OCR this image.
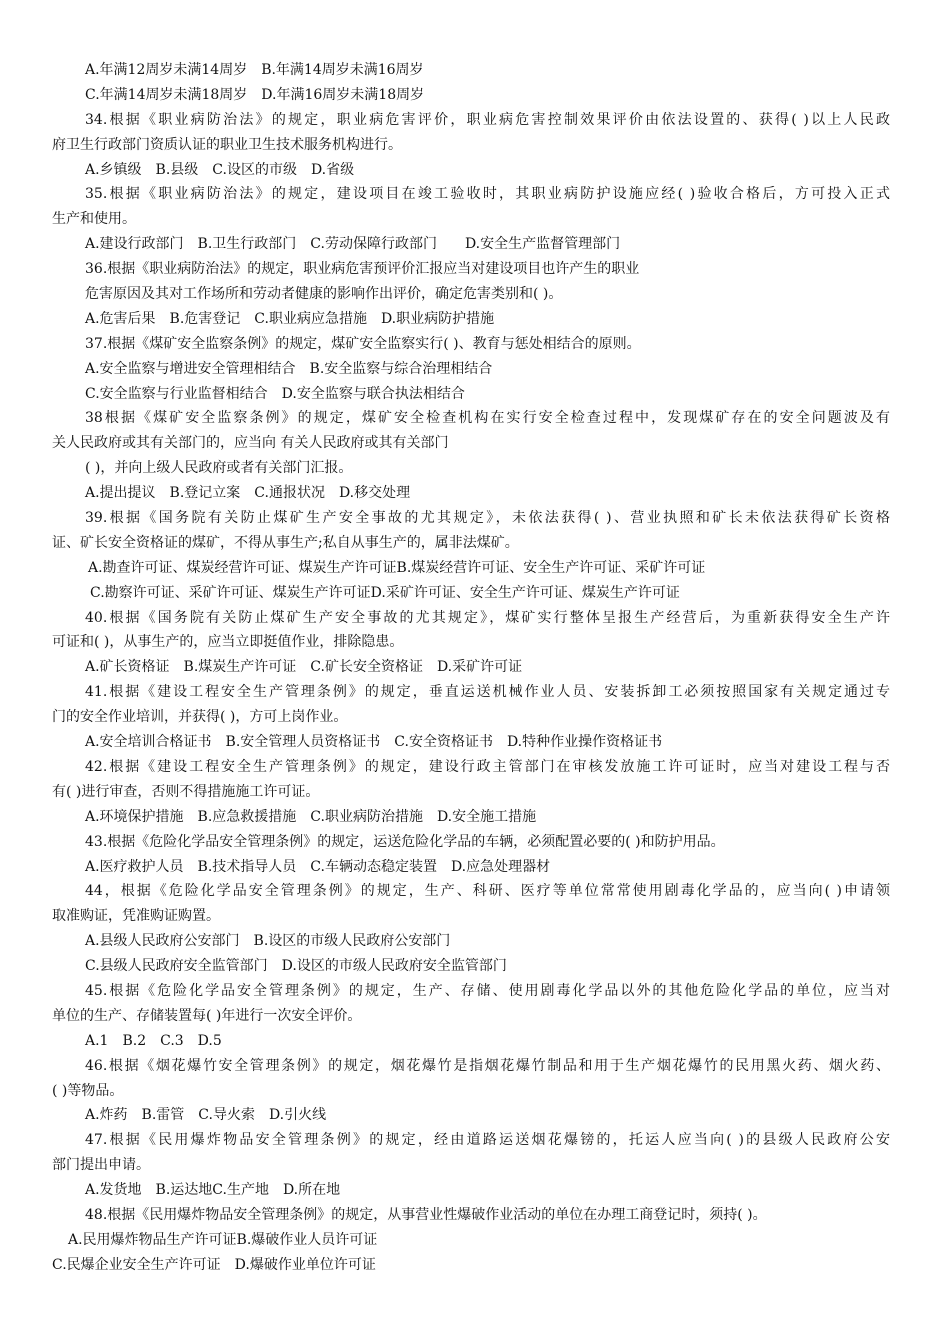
A.年满12周岁未满14周岁　B.年满14周岁未满16周岁
C.年满14周岁未满18周岁　D.年满16周岁未满18周岁
34.根据《职业病防治法》的规定，职业病危害评价，职业病危害控制效果评价由依法设置的、获得( )以上人民政
府卫生行政部门资质认证的职业卫生技术服务机构进行。
A.乡镇级　B.县级　C.设区的市级　D.省级
35.根据《职业病防治法》的规定，建设项目在竣工验收时，其职业病防护设施应经( )验收合格后，方可投入正式
生产和使用。
A.建设行政部门　B.卫生行政部门　C.劳动保障行政部门　　D.安全生产监督管理部门
36.根据《职业病防治法》的规定，职业病危害预评价汇报应当对建设项目也许产生的职业
危害原因及其对工作场所和劳动者健康的影响作出评价，确定危害类别和( )。
A.危害后果　B.危害登记　C.职业病应急措施　D.职业病防护措施
37.根据《煤矿安全监察条例》的规定，煤矿安全监察实行( )、教育与惩处相结合的原则。
A.安全监察与增进安全管理相结合　B.安全监察与综合治理相结合
C.安全监察与行业监督相结合　D.安全监察与联合执法相结合
38根据《煤矿安全监察条例》的规定，煤矿安全检查机构在实行安全检查过程中，发现煤矿存在的安全问题波及有
关人民政府或其有关部门的，应当向 有关人民政府或其有关部门
( )，并向上级人民政府或者有关部门汇报。
A.提出提议　B.登记立案　C.通报状况　D.移交处理
39.根据《国务院有关防止煤矿生产安全事故的尤其规定》，未依法获得( )、营业执照和矿长未依法获得矿长资格
证、矿长安全资格证的煤矿，不得从事生产;私自从事生产的，属非法煤矿。
A.勘查许可证、煤炭经营许可证、煤炭生产许可证B.煤炭经营许可证、安全生产许可证、采矿许可证
C.勘察许可证、采矿许可证、煤炭生产许可证D.采矿许可证、安全生产许可证、煤炭生产许可证
40.根据《国务院有关防止煤矿生产安全事故的尤其规定》，煤矿实行整体呈报生产经营后，为重新获得安全生产许
可证和( )，从事生产的，应当立即挺值作业，排除隐患。
A.矿长资格证　B.煤炭生产许可证　C.矿长安全资格证　D.采矿许可证
41.根据《建设工程安全生产管理条例》的规定，垂直运送机械作业人员、安装拆卸工必须按照国家有关规定通过专
门的安全作业培训，并获得( )，方可上岗作业。
A.安全培训合格证书　B.安全管理人员资格证书　C.安全资格证书　D.特种作业操作资格证书
42.根据《建设工程安全生产管理条例》的规定，建设行政主管部门在审核发放施工许可证时，应当对建设工程与否
有( )进行审查，否则不得措施施工许可证。
A.环境保护措施　B.应急救援措施　C.职业病防治措施　D.安全施工措施
43.根据《危险化学品安全管理条例》的规定，运送危险化学品的车辆，必须配置必要的( )和防护用品。
A.医疗救护人员　B.技术指导人员　C.车辆动态稳定装置　D.应急处理器材
44，根据《危险化学品安全管理条例》的规定，生产、科研、医疗等单位常常使用剧毒化学品的，应当向( )申请领
取准购证，凭准购证购置。
A.县级人民政府公安部门　B.设区的市级人民政府公安部门
C.县级人民政府安全监管部门　D.设区的市级人民政府安全监管部门
45.根据《危险化学品安全管理条例》的规定，生产、存储、使用剧毒化学品以外的其他危险化学品的单位，应当对
单位的生产、存储装置每( )年进行一次安全评价。
A.1　B.2　C.3　D.5
46.根据《烟花爆竹安全管理条例》的规定，烟花爆竹是指烟花爆竹制品和用于生产烟花爆竹的民用黑火药、烟火药、
( )等物品。
A.炸药　B.雷管　C.导火索　D.引火线
47.根据《民用爆炸物品安全管理条例》的规定，经由道路运送烟花爆镑的，托运人应当向( )的县级人民政府公安
部门提出申请。
A.发货地　B.运达地C.生产地　D.所在地
48.根据《民用爆炸物品安全管理条例》的规定，从事营业性爆破作业活动的单位在办理工商登记时，须持( )。
A.民用爆炸物品生产许可证B.爆破作业人员许可证
C.民爆企业安全生产许可证　D.爆破作业单位许可证
